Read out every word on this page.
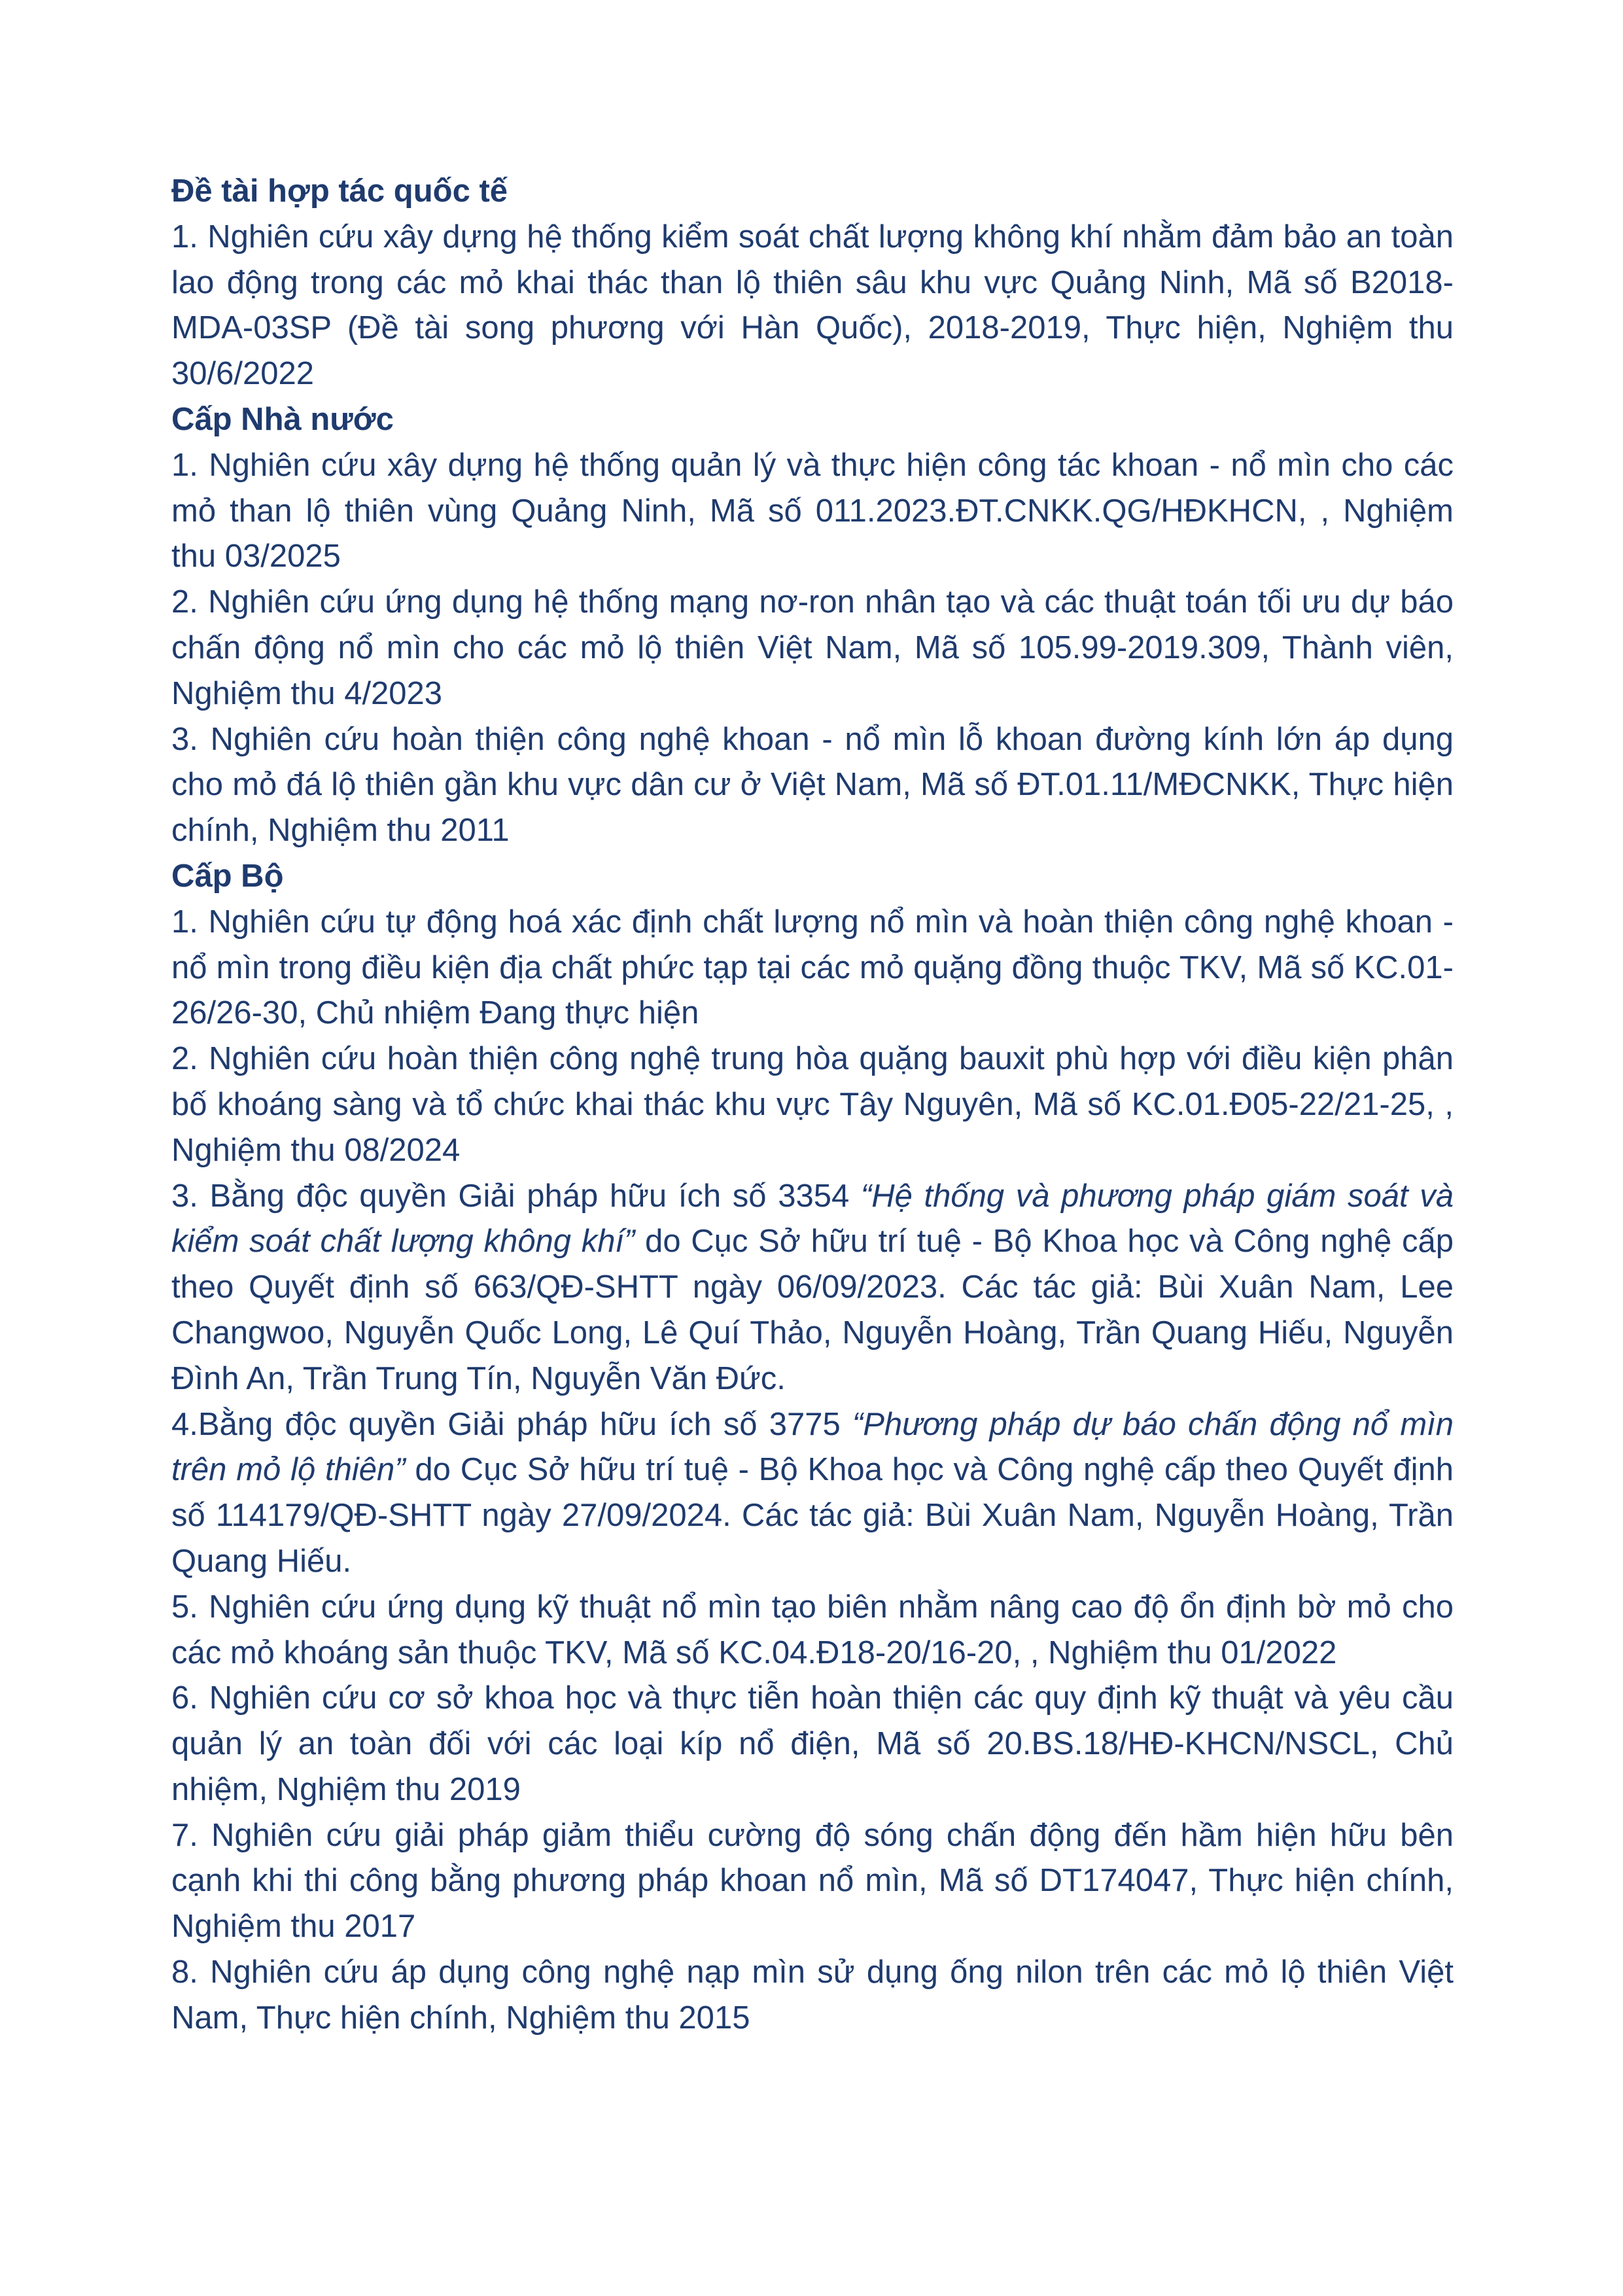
Đề tài hợp tác quốc tế

1. Nghiên cứu xây dựng hệ thống kiểm soát chất lượng không khí nhằm đảm bảo an toàn lao động trong các mỏ khai thác than lộ thiên sâu khu vực Quảng Ninh, Mã số B2018-MDA-03SP (Đề tài song phương với Hàn Quốc), 2018-2019, Thực hiện, Nghiệm thu 30/6/2022

Cấp Nhà nước

1. Nghiên cứu xây dựng hệ thống quản lý và thực hiện công tác khoan - nổ mìn cho các mỏ than lộ thiên vùng Quảng Ninh, Mã số 011.2023.ĐT.CNKK.QG/HĐKHCN, , Nghiệm thu 03/2025

2. Nghiên cứu ứng dụng hệ thống mạng nơ-ron nhân tạo và các thuật toán tối ưu dự báo chấn động nổ mìn cho các mỏ lộ thiên Việt Nam, Mã số 105.99-2019.309, Thành viên, Nghiệm thu 4/2023

3. Nghiên cứu hoàn thiện công nghệ khoan - nổ mìn lỗ khoan đường kính lớn áp dụng cho mỏ đá lộ thiên gần khu vực dân cư ở Việt Nam, Mã số ĐT.01.11/MĐCNKK, Thực hiện chính, Nghiệm thu 2011

Cấp Bộ

1. Nghiên cứu tự động hoá xác định chất lượng nổ mìn và hoàn thiện công nghệ khoan - nổ mìn trong điều kiện địa chất phức tạp tại các mỏ quặng đồng thuộc TKV, Mã số KC.01-26/26-30, Chủ nhiệm Đang thực hiện

2. Nghiên cứu hoàn thiện công nghệ trung hòa quặng bauxit phù hợp với điều kiện phân bố khoáng sàng và tổ chức khai thác khu vực Tây Nguyên, Mã số KC.01.Đ05-22/21-25, , Nghiệm thu 08/2024

3. Bằng độc quyền Giải pháp hữu ích số 3354 “Hệ thống và phương pháp giám soát và kiểm soát chất lượng không khí” do Cục Sở hữu trí tuệ - Bộ Khoa học và Công nghệ cấp theo Quyết định số 663/QĐ-SHTT ngày 06/09/2023. Các tác giả: Bùi Xuân Nam, Lee Changwoo, Nguyễn Quốc Long, Lê Quí Thảo, Nguyễn Hoàng, Trần Quang Hiếu, Nguyễn Đình An, Trần Trung Tín, Nguyễn Văn Đức.

4.Bằng độc quyền Giải pháp hữu ích số 3775 “Phương pháp dự báo chấn động nổ mìn trên mỏ lộ thiên” do Cục Sở hữu trí tuệ - Bộ Khoa học và Công nghệ cấp theo Quyết định số 114179/QĐ-SHTT ngày 27/09/2024. Các tác giả: Bùi Xuân Nam, Nguyễn Hoàng, Trần Quang Hiếu.

5. Nghiên cứu ứng dụng kỹ thuật nổ mìn tạo biên nhằm nâng cao độ ổn định bờ mỏ cho các mỏ khoáng sản thuộc TKV, Mã số KC.04.Đ18-20/16-20, , Nghiệm thu 01/2022

6. Nghiên cứu cơ sở khoa học và thực tiễn hoàn thiện các quy định kỹ thuật và yêu cầu quản lý an toàn đối với các loại kíp nổ điện, Mã số 20.BS.18/HĐ-KHCN/NSCL, Chủ nhiệm, Nghiệm thu 2019

7. Nghiên cứu giải pháp giảm thiểu cường độ sóng chấn động đến hầm hiện hữu bên cạnh khi thi công bằng phương pháp khoan nổ mìn, Mã số DT174047, Thực hiện chính, Nghiệm thu 2017

8. Nghiên cứu áp dụng công nghệ nạp mìn sử dụng ống nilon trên các mỏ lộ thiên Việt Nam, Thực hiện chính, Nghiệm thu 2015
